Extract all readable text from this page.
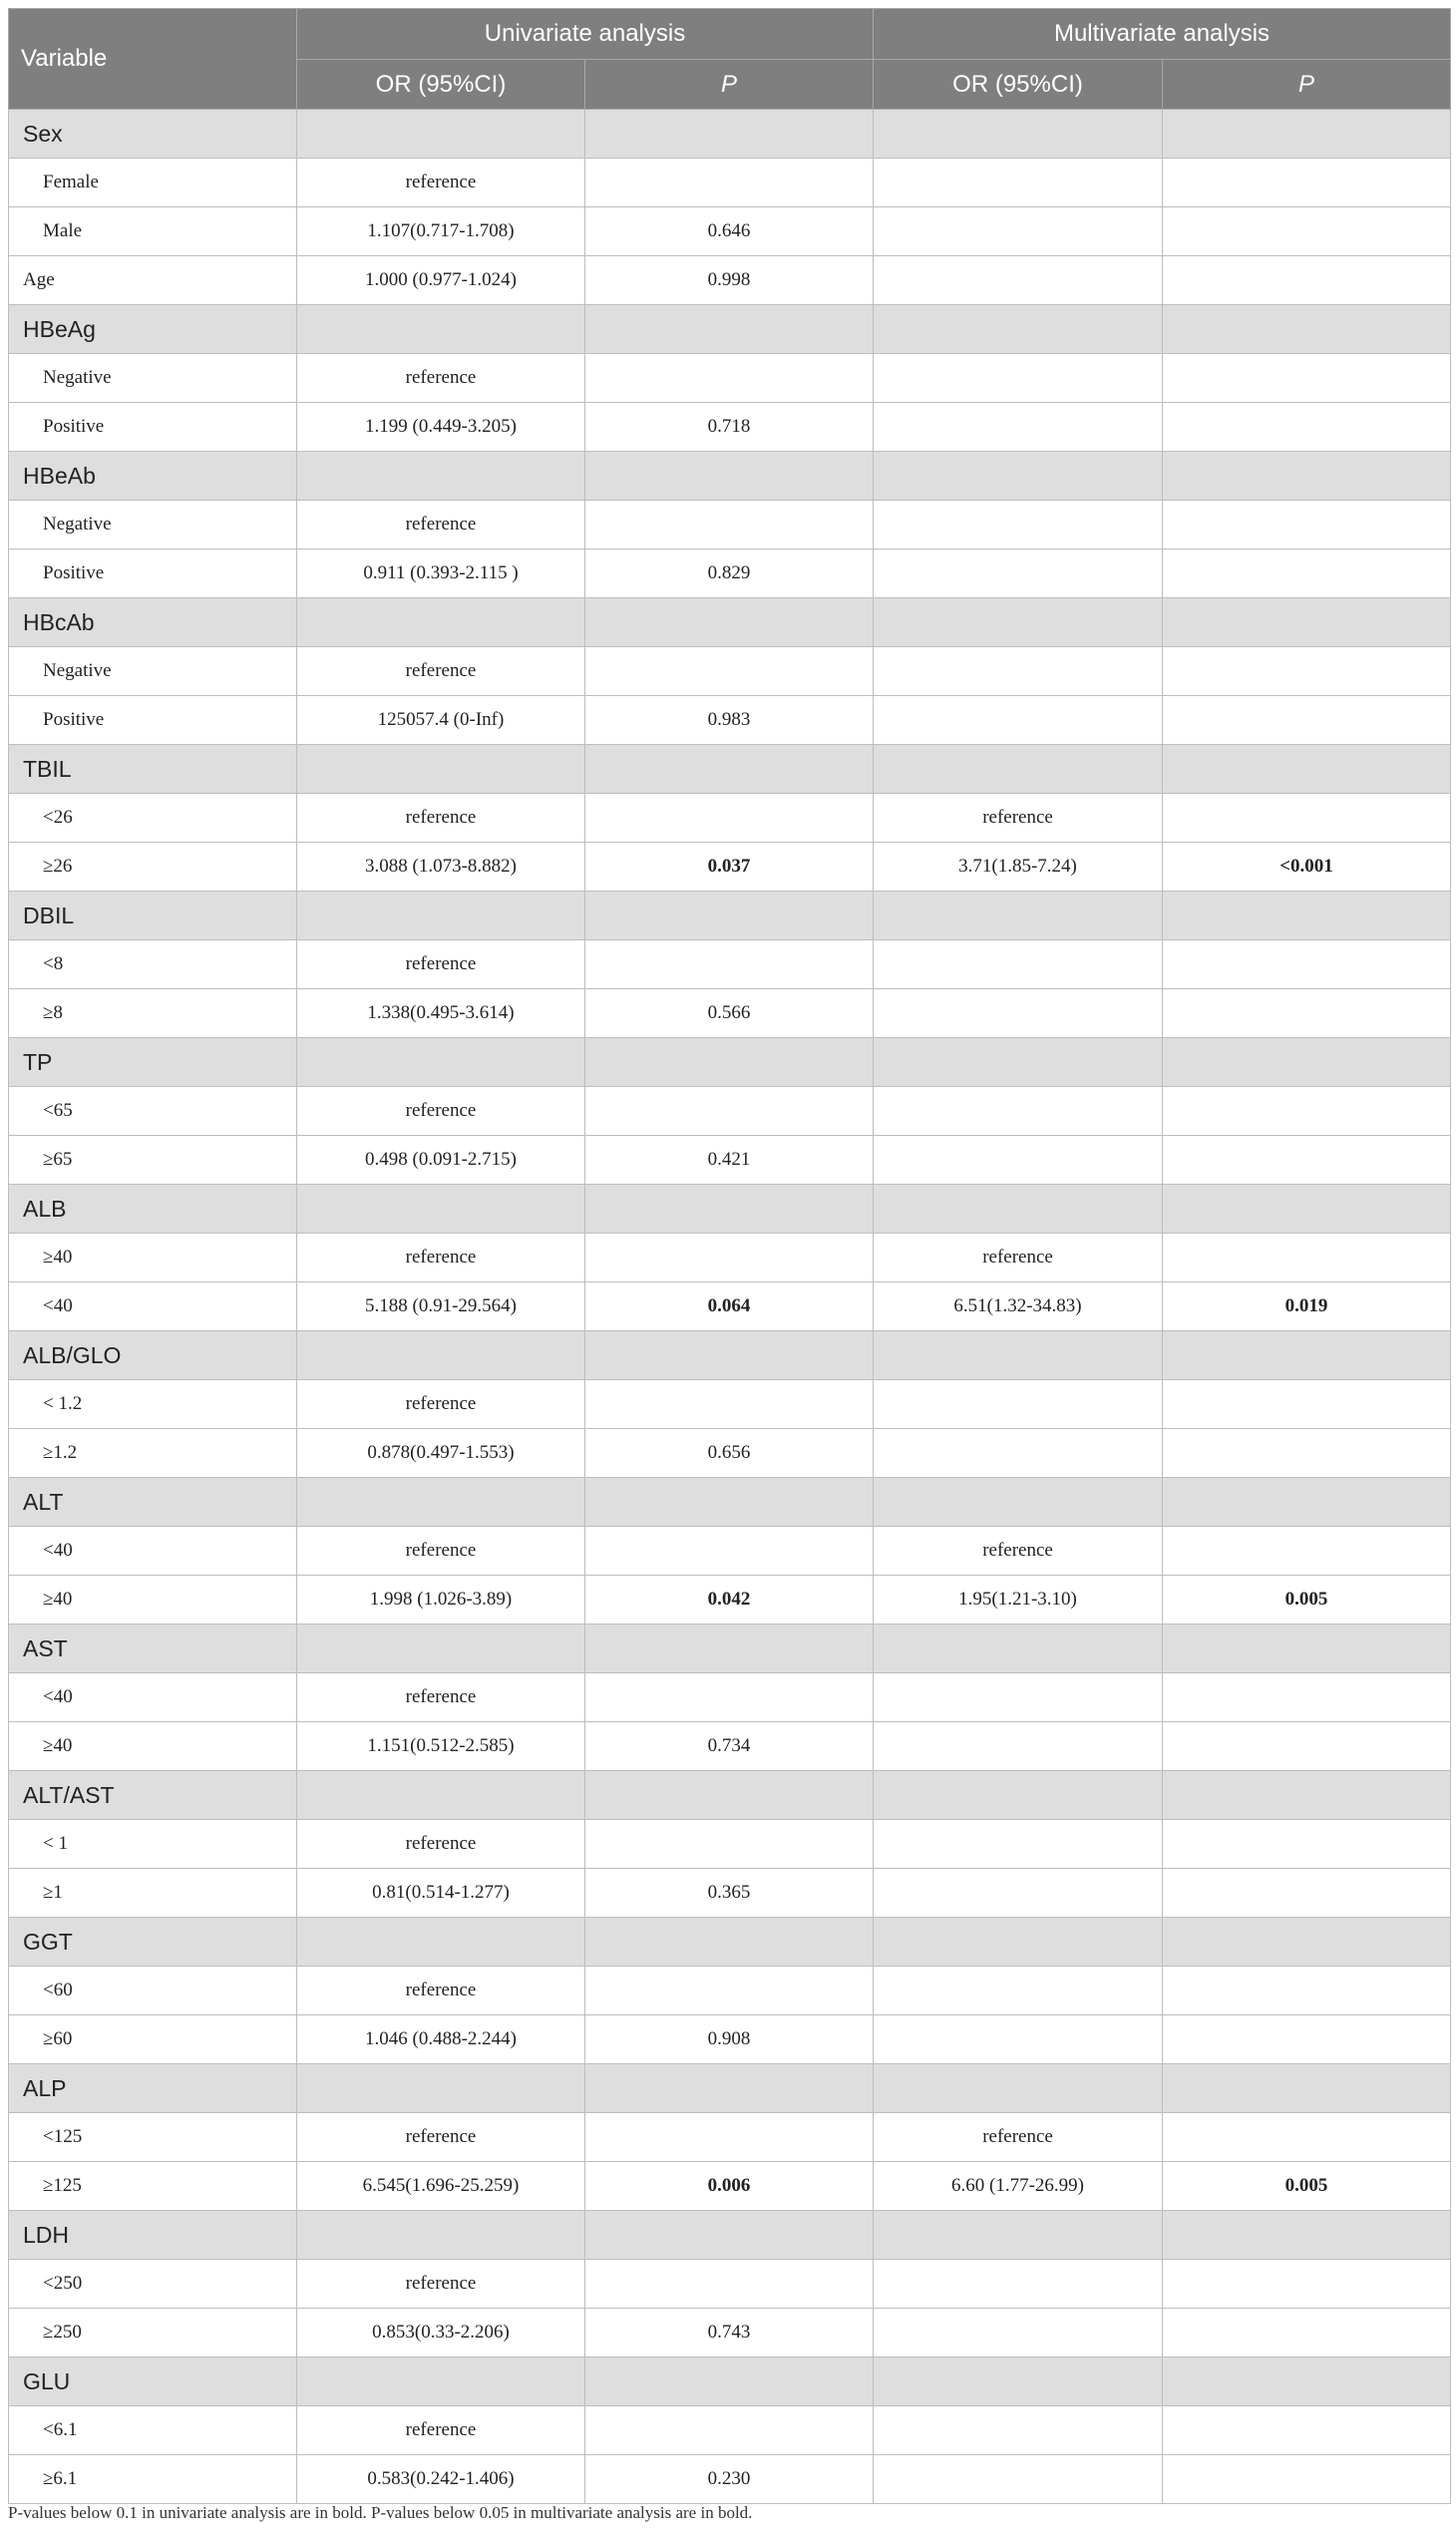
Variable	Univariate analysis		Multivariate analysis	
	OR (95%CI)	P	OR (95%CI)	P
Sex				
Female	reference			
Male	1.107(0.717-1.708)	0.646		
Age	1.000 (0.977-1.024)	0.998		
HBeAg				
Negative	reference			
Positive	1.199 (0.449-3.205)	0.718		
HBeAb				
Negative	reference			
Positive	0.911 (0.393-2.115 )	0.829		
HBcAb				
Negative	reference			
Positive	125057.4 (0-Inf)	0.983		
TBIL				
<26	reference		reference	
≥26	3.088 (1.073-8.882)	0.037	3.71(1.85-7.24)	<0.001
DBIL				
<8	reference			
≥8	1.338(0.495-3.614)	0.566		
TP				
<65	reference			
≥65	0.498 (0.091-2.715)	0.421		
ALB				
≥40	reference		reference	
<40	5.188 (0.91-29.564)	0.064	6.51(1.32-34.83)	0.019
ALB/GLO				
< 1.2	reference			
≥1.2	0.878(0.497-1.553)	0.656		
ALT				
<40	reference		reference	
≥40	1.998 (1.026-3.89)	0.042	1.95(1.21-3.10)	0.005
AST				
<40	reference			
≥40	1.151(0.512-2.585)	0.734		
ALT/AST				
< 1	reference			
≥1	0.81(0.514-1.277)	0.365		
GGT				
<60	reference			
≥60	1.046 (0.488-2.244)	0.908		
ALP				
<125	reference		reference	
≥125	6.545(1.696-25.259)	0.006	6.60 (1.77-26.99)	0.005
LDH				
<250	reference			
≥250	0.853(0.33-2.206)	0.743		
GLU				
<6.1	reference			
≥6.1	0.583(0.242-1.406)	0.230		
P-values below 0.1 in univariate analysis are in bold. P-values below 0.05 in multivariate analysis are in bold.
